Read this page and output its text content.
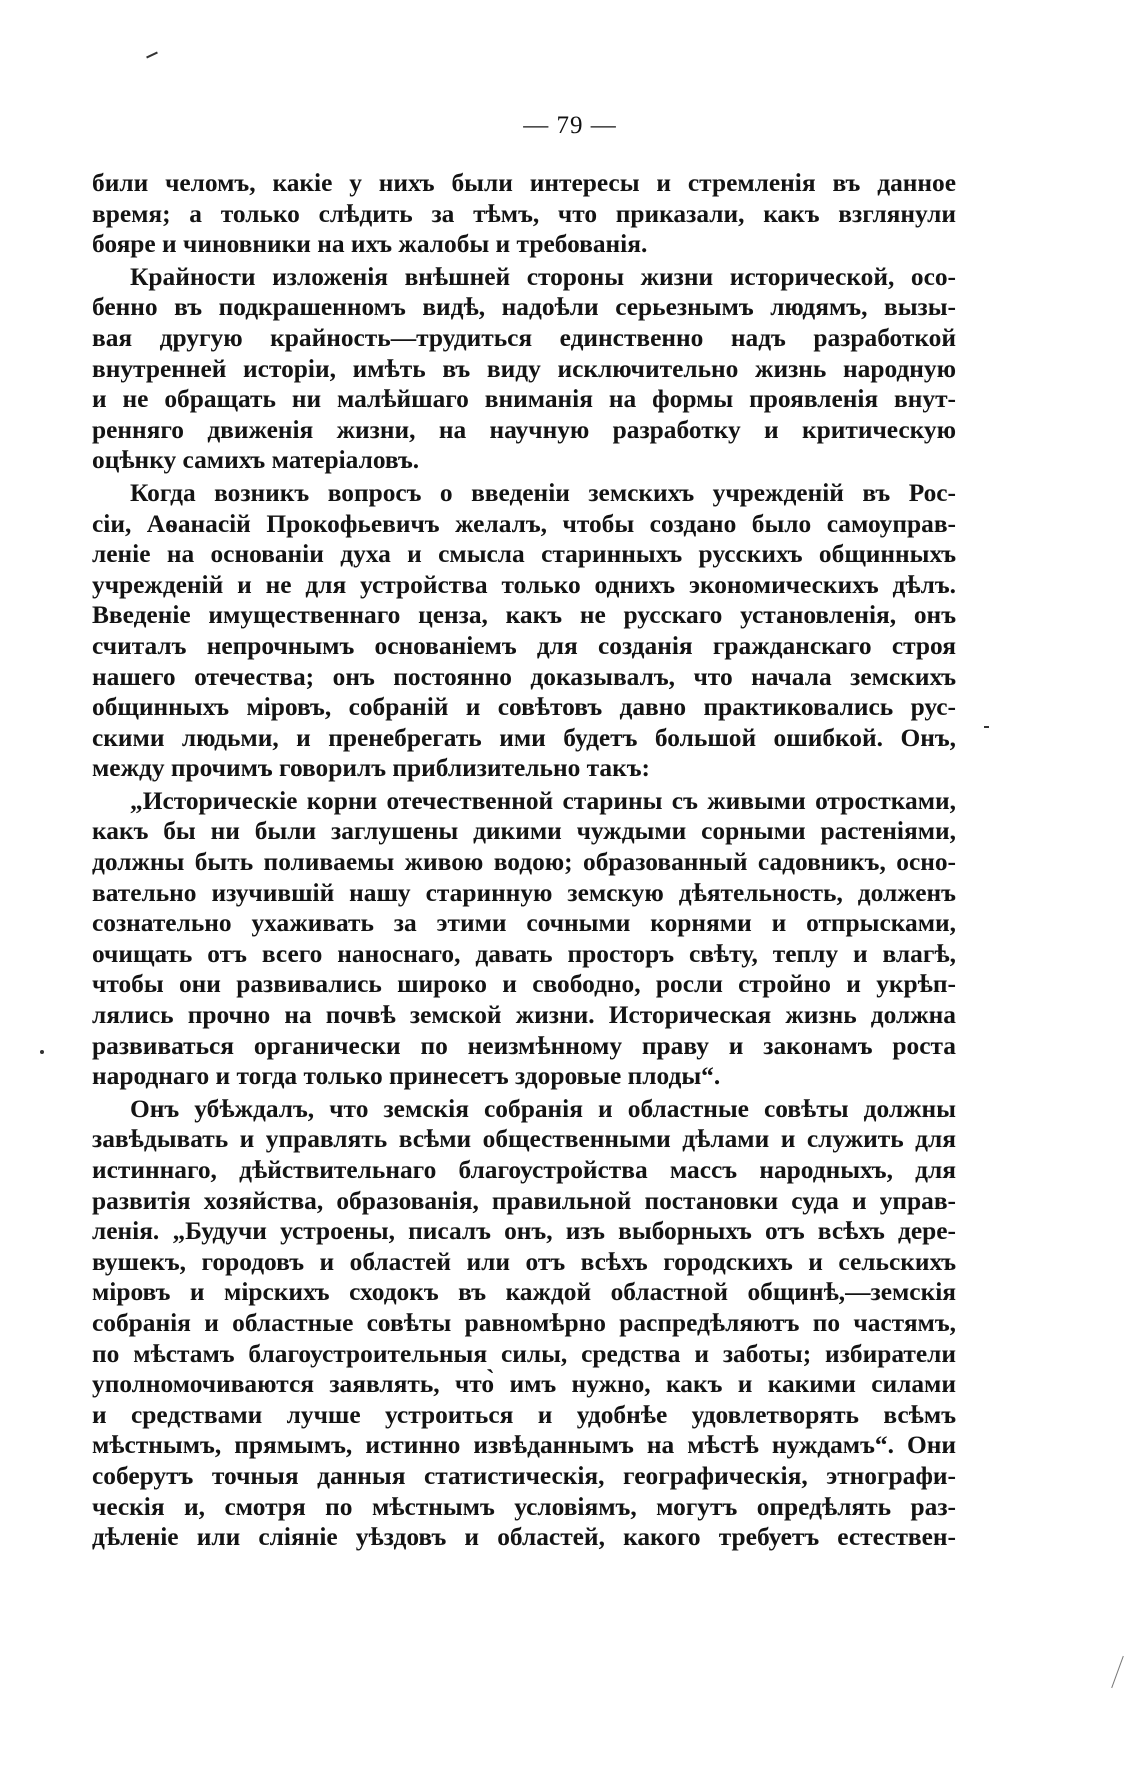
— 79 —
били челомъ, какіе у нихъ были интересы и стремленія въ данное
время; а только слѣдить за тѣмъ, что приказали, какъ взглянули
бояре и чиновники на ихъ жалобы и требованія.
Крайности изложенія внѣшней стороны жизни исторической, осо-
бенно въ подкрашенномъ видѣ, надоѣли серьезнымъ людямъ, вызы-
вая другую крайность—трудиться единственно надъ разработкой
внутренней исторіи, имѣть въ виду исключительно жизнь народную
и не обращать ни малѣйшаго вниманія на формы проявленія внут-
ренняго движенія жизни, на научную разработку и критическую
оцѣнку самихъ матеріаловъ.
Когда возникъ вопросъ о введеніи земскихъ учрежденій въ Рос-
сіи, Аѳанасій Прокофьевичъ желалъ, чтобы создано было самоуправ-
леніе на основаніи духа и смысла старинныхъ русскихъ общинныхъ
учрежденій и не для устройства только однихъ экономическихъ дѣлъ.
Введеніе имущественнаго ценза, какъ не русскаго установленія, онъ
считалъ непрочнымъ основаніемъ для созданія гражданскаго строя
нашего отечества; онъ постоянно доказывалъ, что начала земскихъ
общинныхъ міровъ, собраній и совѣтовъ давно практиковались рус-
скими людьми, и пренебрегать ими будетъ большой ошибкой. Онъ,
между прочимъ говорилъ приблизительно такъ:
„Историческіе корни отечественной старины съ живыми отростками,
какъ бы ни были заглушены дикими чуждыми сорными растеніями,
должны быть поливаемы живою водою; образованный садовникъ, осно-
вательно изучившій нашу старинную земскую дѣятельность, долженъ
сознательно ухаживать за этими сочными корнями и отпрысками,
очищать отъ всего наноснаго, давать просторъ свѣту, теплу и влагѣ,
чтобы они развивались широко и свободно, росли стройно и укрѣп-
лялись прочно на почвѣ земской жизни. Историческая жизнь должна
развиваться органически по неизмѣнному праву и законамъ роста
народнаго и тогда только принесетъ здоровые плоды“.
Онъ убѣждалъ, что земскія собранія и областные совѣты должны
завѣдывать и управлять всѣми общественными дѣлами и служить для
истиннаго, дѣйствительнаго благоустройства массъ народныхъ, для
развитія хозяйства, образованія, правильной постановки суда и управ-
ленія. „Будучи устроены, писалъ онъ, изъ выборныхъ отъ всѣхъ дере-
вушекъ, городовъ и областей или отъ всѣхъ городскихъ и сельскихъ
міровъ и мірскихъ сходокъ въ каждой областной общинѣ,—земскія
собранія и областные совѣты равномѣрно распредѣляютъ по частямъ,
по мѣстамъ благоустроительныя силы, средства и заботы; избиратели
уполномочиваются заявлять, что̀ имъ нужно, какъ и какими силами
и средствами лучше устроиться и удобнѣе удовлетворять всѣмъ
мѣстнымъ, прямымъ, истинно извѣданнымъ на мѣстѣ нуждамъ“. Они
соберутъ точныя данныя статистическія, географическія, этнографи-
ческія и, смотря по мѣстнымъ условіямъ, могутъ опредѣлять раз-
дѣленіе или сліяніе уѣздовъ и областей, какого требуетъ естествен-
